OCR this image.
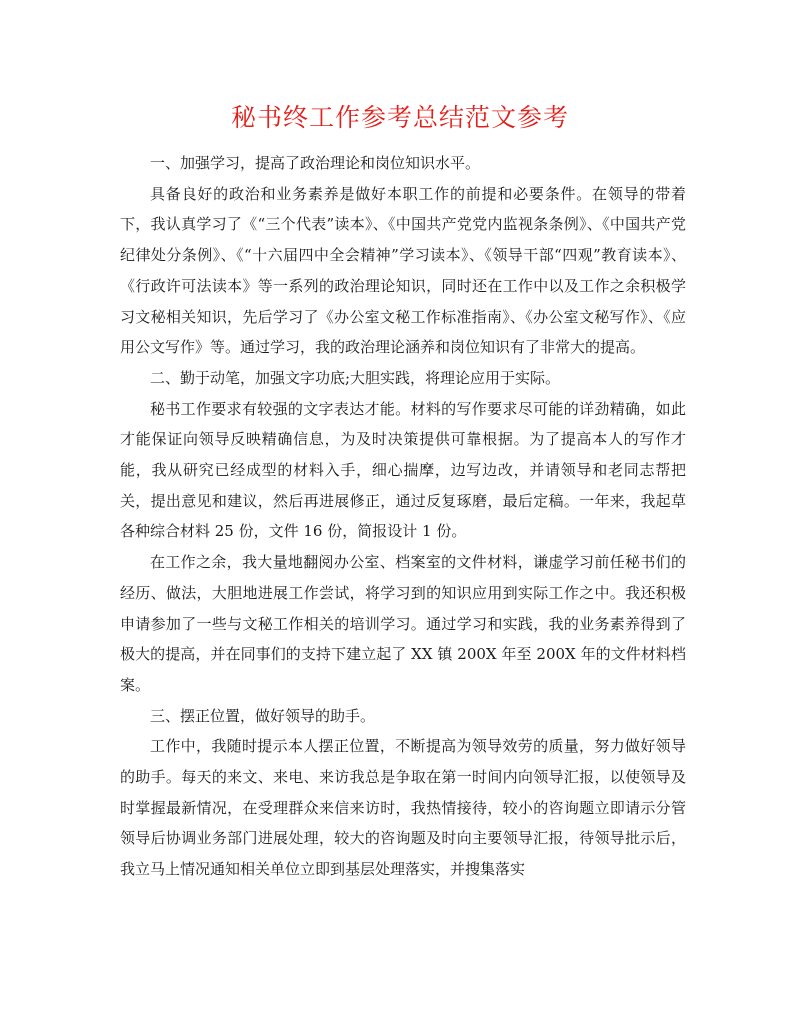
秘书终工作参考总结范文参考

一、加强学习，提高了政治理论和岗位知识水平。

具备良好的政治和业务素养是做好本职工作的前提和必要条件。在领导的带着下，我认真学习了《“三个代表”读本》、《中国共产党党内监视条条例》、《中国共产党纪律处分条例》、《“十六届四中全会精神”学习读本》、《领导干部“四观”教育读本》、《行政许可法读本》等一系列的政治理论知识，同时还在工作中以及工作之余积极学习文秘相关知识，先后学习了《办公室文秘工作标准指南》、《办公室文秘写作》、《应用公文写作》等。通过学习，我的政治理论涵养和岗位知识有了非常大的提高。

二、勤于动笔，加强文字功底;大胆实践，将理论应用于实际。

秘书工作要求有较强的文字表达才能。材料的写作要求尽可能的详劲精确，如此才能保证向领导反映精确信息，为及时决策提供可靠根据。为了提高本人的写作才能，我从研究已经成型的材料入手，细心揣摩，边写边改，并请领导和老同志帮把关，提出意见和建议，然后再进展修正，通过反复琢磨，最后定稿。一年来，我起草各种综合材料 25 份，文件 16 份，简报设计 1 份。

在工作之余，我大量地翻阅办公室、档案室的文件材料，谦虚学习前任秘书们的经历、做法，大胆地进展工作尝试，将学习到的知识应用到实际工作之中。我还积极申请参加了一些与文秘工作相关的培训学习。通过学习和实践，我的业务素养得到了极大的提高，并在同事们的支持下建立起了 XX 镇 200X 年至 200X 年的文件材料档案。

三、摆正位置，做好领导的助手。

工作中，我随时提示本人摆正位置，不断提高为领导效劳的质量，努力做好领导的助手。每天的来文、来电、来访我总是争取在第一时间内向领导汇报，以使领导及时掌握最新情况，在受理群众来信来访时，我热情接待，较小的咨询题立即请示分管领导后协调业务部门进展处理，较大的咨询题及时向主要领导汇报，待领导批示后，我立马上情况通知相关单位立即到基层处理落实，并搜集落实
